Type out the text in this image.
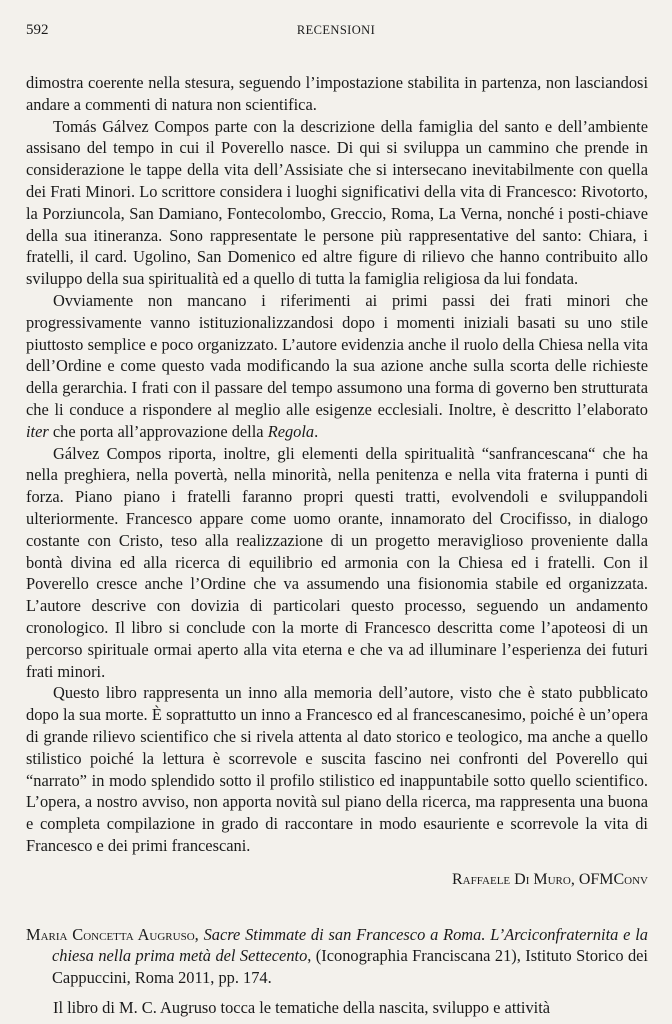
592	RECENSIONI

dimostra coerente nella stesura, seguendo l’impostazione stabilita in partenza, non lasciandosi andare a commenti di natura non scientifica.

Tomás Gálvez Compos parte con la descrizione della famiglia del santo e dell’ambiente assisano del tempo in cui il Poverello nasce. Di qui si sviluppa un cammino che prende in considerazione le tappe della vita dell’Assisiate che si intersecano inevitabilmente con quella dei Frati Minori. Lo scrittore considera i luoghi significativi della vita di Francesco: Rivotorto, la Porziuncola, San Damiano, Fontecolombo, Greccio, Roma, La Verna, nonché i posti-chiave della sua itineranza. Sono rappresentate le persone più rappresentative del santo: Chiara, i fratelli, il card. Ugolino, San Domenico ed altre figure di rilievo che hanno contribuito allo sviluppo della sua spiritualità ed a quello di tutta la famiglia religiosa da lui fondata.

Ovviamente non mancano i riferimenti ai primi passi dei frati minori che progressivamente vanno istituzionalizzandosi dopo i momenti iniziali basati su uno stile piuttosto semplice e poco organizzato. L’autore evidenzia anche il ruolo della Chiesa nella vita dell’Ordine e come questo vada modificando la sua azione anche sulla scorta delle richieste della gerarchia. I frati con il passare del tempo assumono una forma di governo ben strutturata che li conduce a rispondere al meglio alle esigenze ecclesiali. Inoltre, è descritto l’elaborato iter che porta all’approvazione della Regola.

Gálvez Compos riporta, inoltre, gli elementi della spiritualità “sanfrancescana“ che ha nella preghiera, nella povertà, nella minorità, nella penitenza e nella vita fraterna i punti di forza. Piano piano i fratelli faranno propri questi tratti, evolvendoli e sviluppandoli ulteriormente. Francesco appare come uomo orante, innamorato del Crocifisso, in dialogo costante con Cristo, teso alla realizzazione di un progetto meraviglioso proveniente dalla bontà divina ed alla ricerca di equilibrio ed armonia con la Chiesa ed i fratelli. Con il Poverello cresce anche l’Ordine che va assumendo una fisionomia stabile ed organizzata. L’autore descrive con dovizia di particolari questo processo, seguendo un andamento cronologico. Il libro si conclude con la morte di Francesco descritta come l’apoteosi di un percorso spirituale ormai aperto alla vita eterna e che va ad illuminare l’esperienza dei futuri frati minori.

Questo libro rappresenta un inno alla memoria dell’autore, visto che è stato pubblicato dopo la sua morte. È soprattutto un inno a Francesco ed al francescanesimo, poiché è un’opera di grande rilievo scientifico che si rivela attenta al dato storico e teologico, ma anche a quello stilistico poiché la lettura è scorrevole e suscita fascino nei confronti del Poverello qui “narrato” in modo splendido sotto il profilo stilistico ed inappuntabile sotto quello scientifico. L’opera, a nostro avviso, non apporta novità sul piano della ricerca, ma rappresenta una buona e completa compilazione in grado di raccontare in modo esauriente e scorrevole la vita di Francesco e dei primi francescani.

Raffaele Di Muro, OFMConv

Maria Concetta Augruso, Sacre Stimmate di san Francesco a Roma. L’Arciconfraternita e la chiesa nella prima metà del Settecento, (Iconographia Franciscana 21), Istituto Storico dei Cappuccini, Roma 2011, pp. 174.

Il libro di M. C. Augruso tocca le tematiche della nascita, sviluppo e attività
